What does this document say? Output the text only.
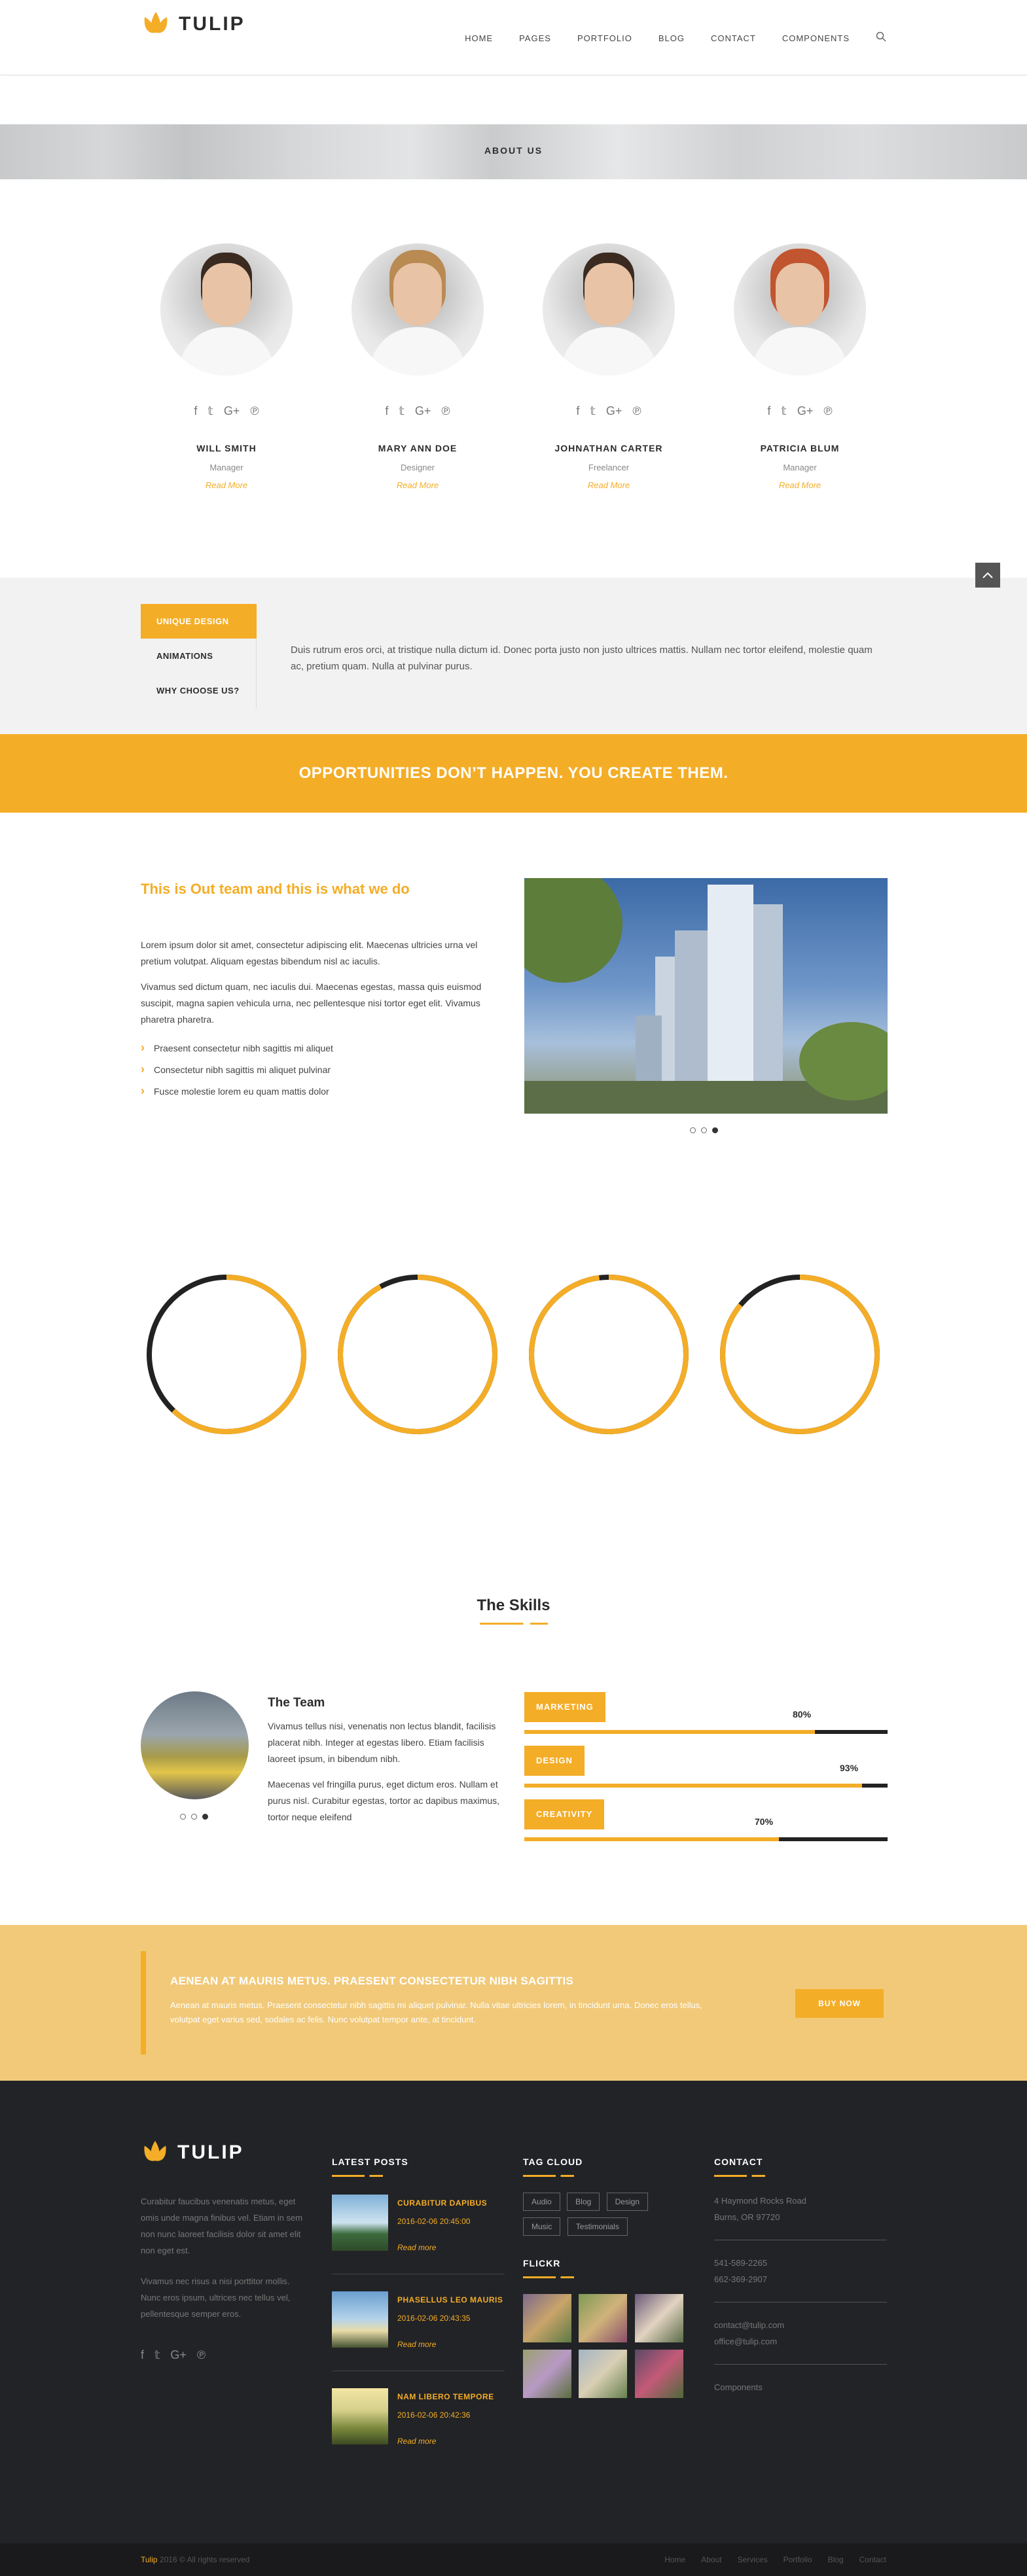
TULIP
HOME	PAGES	PORTFOLIO	BLOG	CONTACT	COMPONENTS
ABOUT US
f 𝕥 G+ ℗
WILL SMITH
Manager
Read More
f 𝕥 G+ ℗
MARY ANN DOE
Designer
Read More
f 𝕥 G+ ℗
JOHNATHAN CARTER
Freelancer
Read More
f 𝕥 G+ ℗
PATRICIA BLUM
Manager
Read More
UNIQUE DESIGN
ANIMATIONS
WHY CHOOSE US?
Duis rutrum eros orci, at tristique nulla dictum id. Donec porta justo non justo ultrices mattis. Nullam nec tortor eleifend, molestie quam ac, pretium quam. Nulla at pulvinar purus.
OPPORTUNITIES DON’T HAPPEN. YOU CREATE THEM.
This is Out team and this is what we do

Lorem ipsum dolor sit amet, consectetur adipiscing elit. Maecenas ultricies urna vel pretium volutpat. Aliquam egestas bibendum nisl ac iaculis.

Vivamus sed dictum quam, nec iaculis dui. Maecenas egestas, massa quis euismod suscipit, magna sapien vehicula urna, nec pellentesque nisi tortor eget elit. Vivamus pharetra pharetra.

› Praesent consectetur nibh sagittis mi aliquet
› Consectetur nibh sagittis mi aliquet pulvinar
› Fusce molestie lorem eu quam mattis dolor
The Skills
The Team

Vivamus tellus nisi, venenatis non lectus blandit, facilisis placerat nibh. Integer at egestas libero. Etiam facilisis laoreet ipsum, in bibendum nibh.

Maecenas vel fringilla purus, eget dictum eros. Nullam et purus nisl. Curabitur egestas, tortor ac dapibus maximus, tortor neque eleifend

MARKETING
80%
DESIGN
93%
CREATIVITY
70%
AENEAN AT MAURIS METUS. PRAESENT CONSECTETUR NIBH SAGITTIS

Aenean at mauris metus. Praesent consectetur nibh sagittis mi aliquet pulvinar. Nulla vitae ultricies lorem, in tincidunt urna. Donec eros tellus, volutpat eget varius sed, sodales ac felis. Nunc volutpat tempor ante, at tincidunt.

BUY NOW
TULIP

Curabitur faucibus venenatis metus, eget omis unde magna finibus vel. Etiam in sem non nunc laoreet facilisis dolor sit amet elit non eget est.

Vivamus nec risus a nisi porttitor mollis. Nunc eros ipsum, ultrices nec tellus vel, pellentesque semper eros.

f 𝕥 G+ ℗
LATEST POSTS
CURABITUR DAPIBUS
2016-02-06 20:45:00
Read more
PHASELLUS LEO MAURIS
2016-02-06 20:43:35
Read more
NAM LIBERO TEMPORE
2016-02-06 20:42:36
Read more
TAG CLOUD
Audio	Blog	Design Music	Testimonials
FLICKR

CONTACT
4 Haymond Rocks Road
Burns, OR 97720
541-589-2265
662-369-2907
contact@tulip.com
office@tulip.com
Components
Tulip 2016 © All rights reserved	Home About Services Portfolio Blog Contact
